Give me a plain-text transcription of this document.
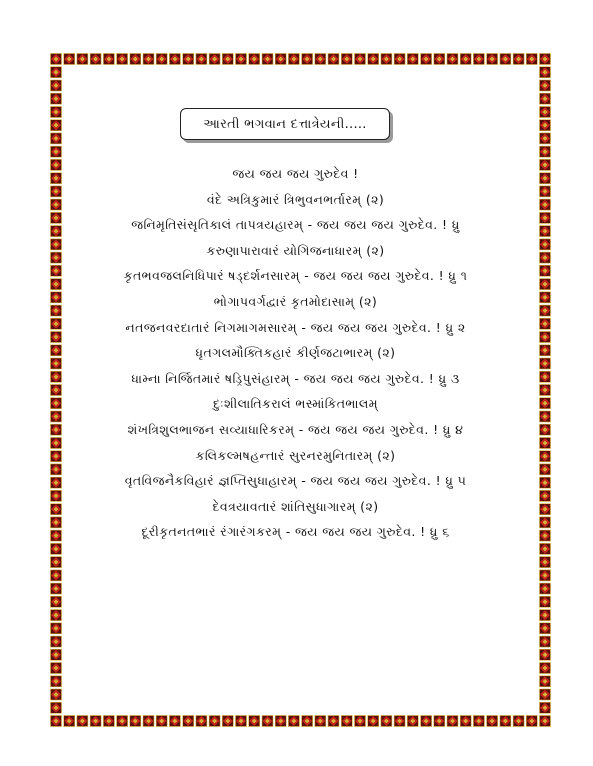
આરતી ભગવાન દત્તાત્રેયની.....
જય જય જય ગુરુદેવ !
વંદે અત્રિકુમારં ત્રિભુવનભર્તારમ્ (૨)
જનિમૃતિસંસૃતિકાલં તાપત્રયહારમ્ - જય જય જય ગુરુદેવ. ! ધ્રુ
કરુણાપારાવારં યોગિજનાધારમ્ (૨)
કૃતભવજલનિધિપારં ષડ્દર્શનસારમ્ - જય જય જય ગુરુદેવ. ! ધ્રુ ૧
ભોગાપવર્ગદ્વારં કૃતમોદાસામ્ (૨)
નતજનવરદાતારં નિગમાગમસારમ્ - જય જય જય ગુરુદેવ. ! ધ્રુ ૨
ધૃતગલમૌક્તિકહારં કીર્ણજટાભારમ્ (૨)
ધામ્ના નિર્જિતમારં ષડ્રિપુસંહારમ્ - જય જય જય ગુરુદેવ. ! ધ્રુ ૩
દુઃશીલાતિકરાલં ભસ્માંકિતભાલમ્
શંખત્રિશુલભાજન સવ્યાધારિકરમ્ - જય જય જય ગુરુદેવ. ! ધ્રુ ૪
કલિકલ્મષહન્તારં સુરનરમુનિતારમ્ (૨)
વૃતવિજનૈકવિહારં જ્ઞપ્તિસુધાહારમ્ - જય જય જય ગુરુદેવ. ! ધ્રુ ૫
દેવત્રયાવતારં શાંતિસુધાગારમ્ (૨)
દૂરીકૃતનતભારં રંગારંગકરમ્ - જય જય જય ગુરુદેવ. ! ધ્રુ ૬
